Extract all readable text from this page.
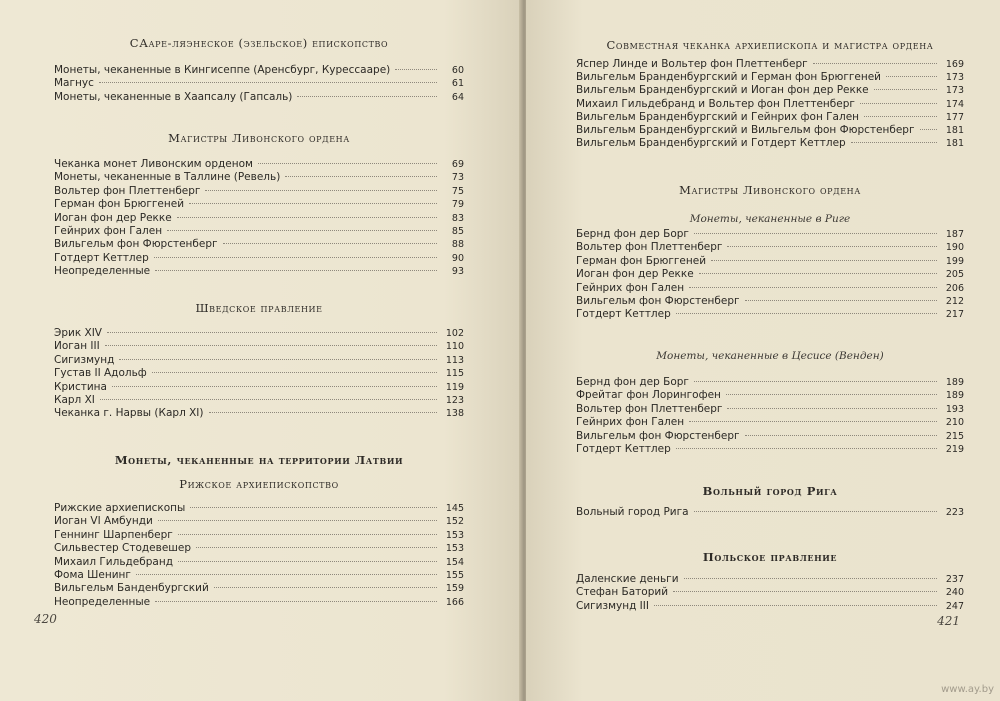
САаре-ляэнеское (эзельское) епископство
Монеты, чеканенные в Кингисеппе (Аренсбург, Курессааре)	60
Магнус	61
Монеты, чеканенные в Хаапсалу (Гапсаль)	64
Магистры Ливонского ордена
Чеканка монет Ливонским орденом	69
Монеты, чеканенные в Таллине (Ревель)	73
Вольтер фон Плеттенберг	75
Герман фон Брюггеней	79
Иоган фон дер Рекке	83
Гейнрих фон Гален	85
Вильгельм фон Фюрстенберг	88
Готдерт Кеттлер	90
Неопределенные	93
Шведское правление
Эрик XIV	102
Иоган III	110
Сигизмунд	113
Густав II Адольф	115
Кристина	119
Карл XI	123
Чеканка г. Нарвы (Карл XI)	138
Монеты, чеканенные на территории Латвии
Рижское архиепископство
Рижские архиепископы	145
Иоган VI Амбунди	152
Геннинг Шарпенберг	153
Сильвестер Стодевешер	153
Михаил Гильдебранд	154
Фома Шенинг	155
Вильгельм Банденбургский	159
Неопределенные	166
420
Совместная чеканка архиепископа и магистра ордена
Яспер Линде и Вольтер фон Плеттенберг	169
Вильгельм Бранденбургский и Герман фон Брюггеней	173
Вильгельм Бранденбургский и Иоган фон дер Рекке	173
Михаил Гильдебранд и Вольтер фон Плеттенберг	174
Вильгельм Бранденбургский и Гейнрих фон Гален	177
Вильгельм Бранденбургский и Вильгельм фон Фюрстенберг	181
Вильгельм Бранденбургский и Готдерт Кеттлер	181
Магистры Ливонского ордена
Монеты, чеканенные в Риге
Бернд фон дер Борг	187
Вольтер фон Плеттенберг	190
Герман фон Брюггеней	199
Иоган фон дер Рекке	205
Гейнрих фон Гален	206
Вильгельм фон Фюрстенберг	212
Готдерт Кеттлер	217
Монеты, чеканенные в Цесисе (Венден)
Бернд фон дер Борг	189
Фрейтаг фон Лорингофен	189
Вольтер фон Плеттенберг	193
Гейнрих фон Гален	210
Вильгельм фон Фюрстенберг	215
Готдерт Кеттлер	219
Вольный город Рига
Вольный город Рига	223
Польское правление
Даленские деньги	237
Стефан Баторий	240
Сигизмунд III	247
421
www.ay.by
